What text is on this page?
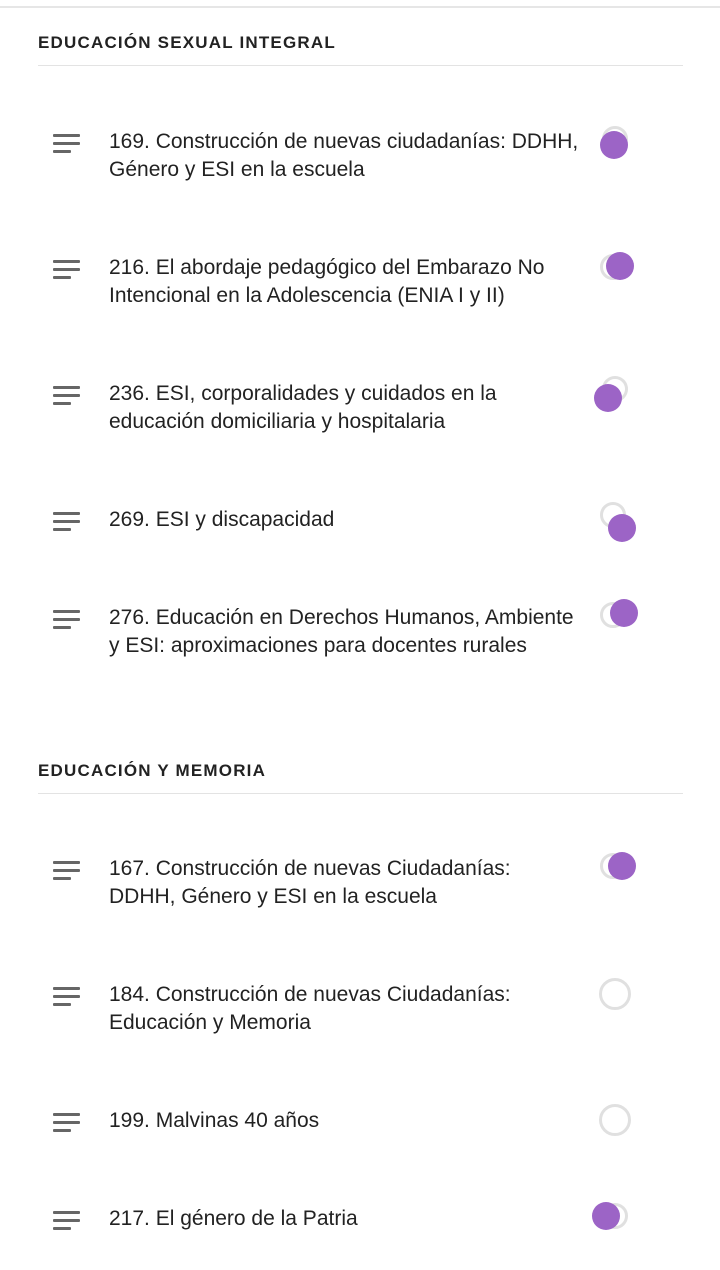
EDUCACIÓN SEXUAL INTEGRAL
169. Construcción de nuevas ciudadanías: DDHH, Género y ESI en la escuela
216. El abordaje pedagógico del Embarazo No Intencional en la Adolescencia (ENIA I y II)
236. ESI, corporalidades y cuidados en la educación domiciliaria y hospitalaria
269. ESI y discapacidad
276. Educación en Derechos Humanos, Ambiente y ESI: aproximaciones para docentes rurales
EDUCACIÓN Y MEMORIA
167. Construcción de nuevas Ciudadanías: DDHH, Género y ESI en la escuela
184. Construcción de nuevas Ciudadanías: Educación y Memoria
199. Malvinas 40 años
217. El género de la Patria
